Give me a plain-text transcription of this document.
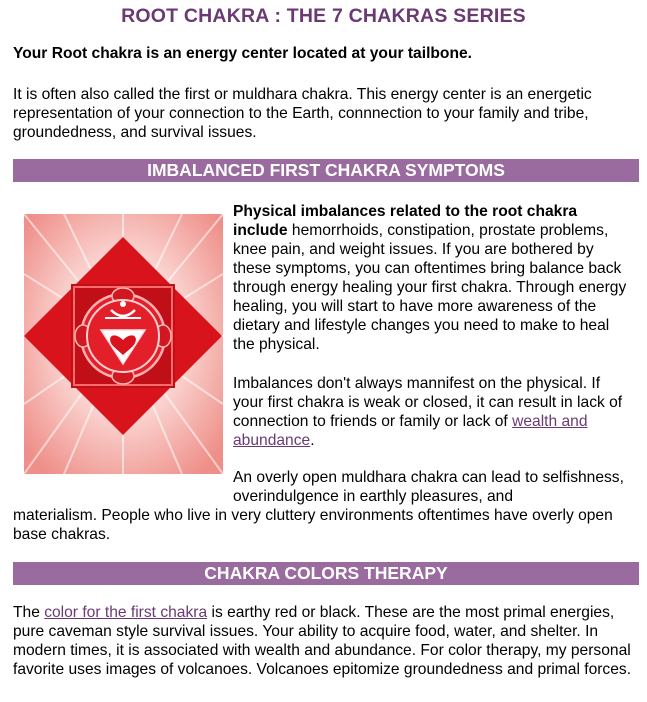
ROOT CHAKRA : THE 7 CHAKRAS SERIES

Your Root chakra is an energy center located at your tailbone.

It is often also called the first or muldhara chakra. This energy center is an energetic representation of your connection to the Earth, connnection to your family and tribe, groundedness, and survival issues.

IMBALANCED FIRST CHAKRA SYMPTOMS

Physical imbalances related to the root chakra include hemorrhoids, constipation, prostate problems, knee pain, and weight issues. If you are bothered by these symptoms, you can oftentimes bring balance back through energy healing your first chakra. Through energy healing, you will start to have more awareness of the dietary and lifestyle changes you need to make to heal the physical.

Imbalances don't always mannifest on the physical. If your first chakra is weak or closed, it can result in lack of connection to friends or family or lack of wealth and abundance.

An overly open muldhara chakra can lead to selfishness, overindulgence in earthly pleasures, and

materialism. People who live in very cluttery environments oftentimes have overly open base chakras.

CHAKRA COLORS THERAPY

The color for the first chakra is earthy red or black. These are the most primal energies, pure caveman style survival issues. Your ability to acquire food, water, and shelter. In modern times, it is associated with wealth and abundance. For color therapy, my personal favorite uses images of volcanoes. Volcanoes epitomize groundedness and primal forces.
